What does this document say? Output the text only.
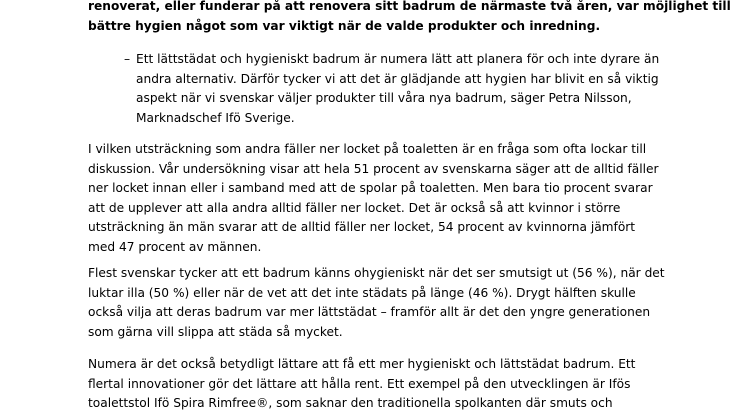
renoverat, eller funderar på att renovera sitt badrum de närmaste två åren, var möjlighet till
bättre hygien något som var viktigt när de valde produkter och inredning.

– Ett lättstädat och hygieniskt badrum är numera lätt att planera för och inte dyrare än
andra alternativ. Därför tycker vi att det är glädjande att hygien har blivit en så viktig
aspekt när vi svenskar väljer produkter till våra nya badrum, säger Petra Nilsson,
Marknadschef Ifö Sverige.

I vilken utsträckning som andra fäller ner locket på toaletten är en fråga som ofta lockar till
diskussion. Vår undersökning visar att hela 51 procent av svenskarna säger att de alltid fäller
ner locket innan eller i samband med att de spolar på toaletten. Men bara tio procent svarar
att de upplever att alla andra alltid fäller ner locket. Det är också så att kvinnor i större
utsträckning än män svarar att de alltid fäller ner locket, 54 procent av kvinnorna jämfört
med 47 procent av männen.

Flest svenskar tycker att ett badrum känns ohygieniskt när det ser smutsigt ut (56 %), när det
luktar illa (50 %) eller när de vet att det inte städats på länge (46 %). Drygt hälften skulle
också vilja att deras badrum var mer lättstädat – framför allt är det den yngre generationen
som gärna vill slippa att städa så mycket.

Numera är det också betydligt lättare att få ett mer hygieniskt och lättstädat badrum. Ett
flertal innovationer gör det lättare att hålla rent. Ett exempel på den utvecklingen är Ifös
toalettstol Ifö Spira Rimfree®, som saknar den traditionella spolkanten där smuts och
